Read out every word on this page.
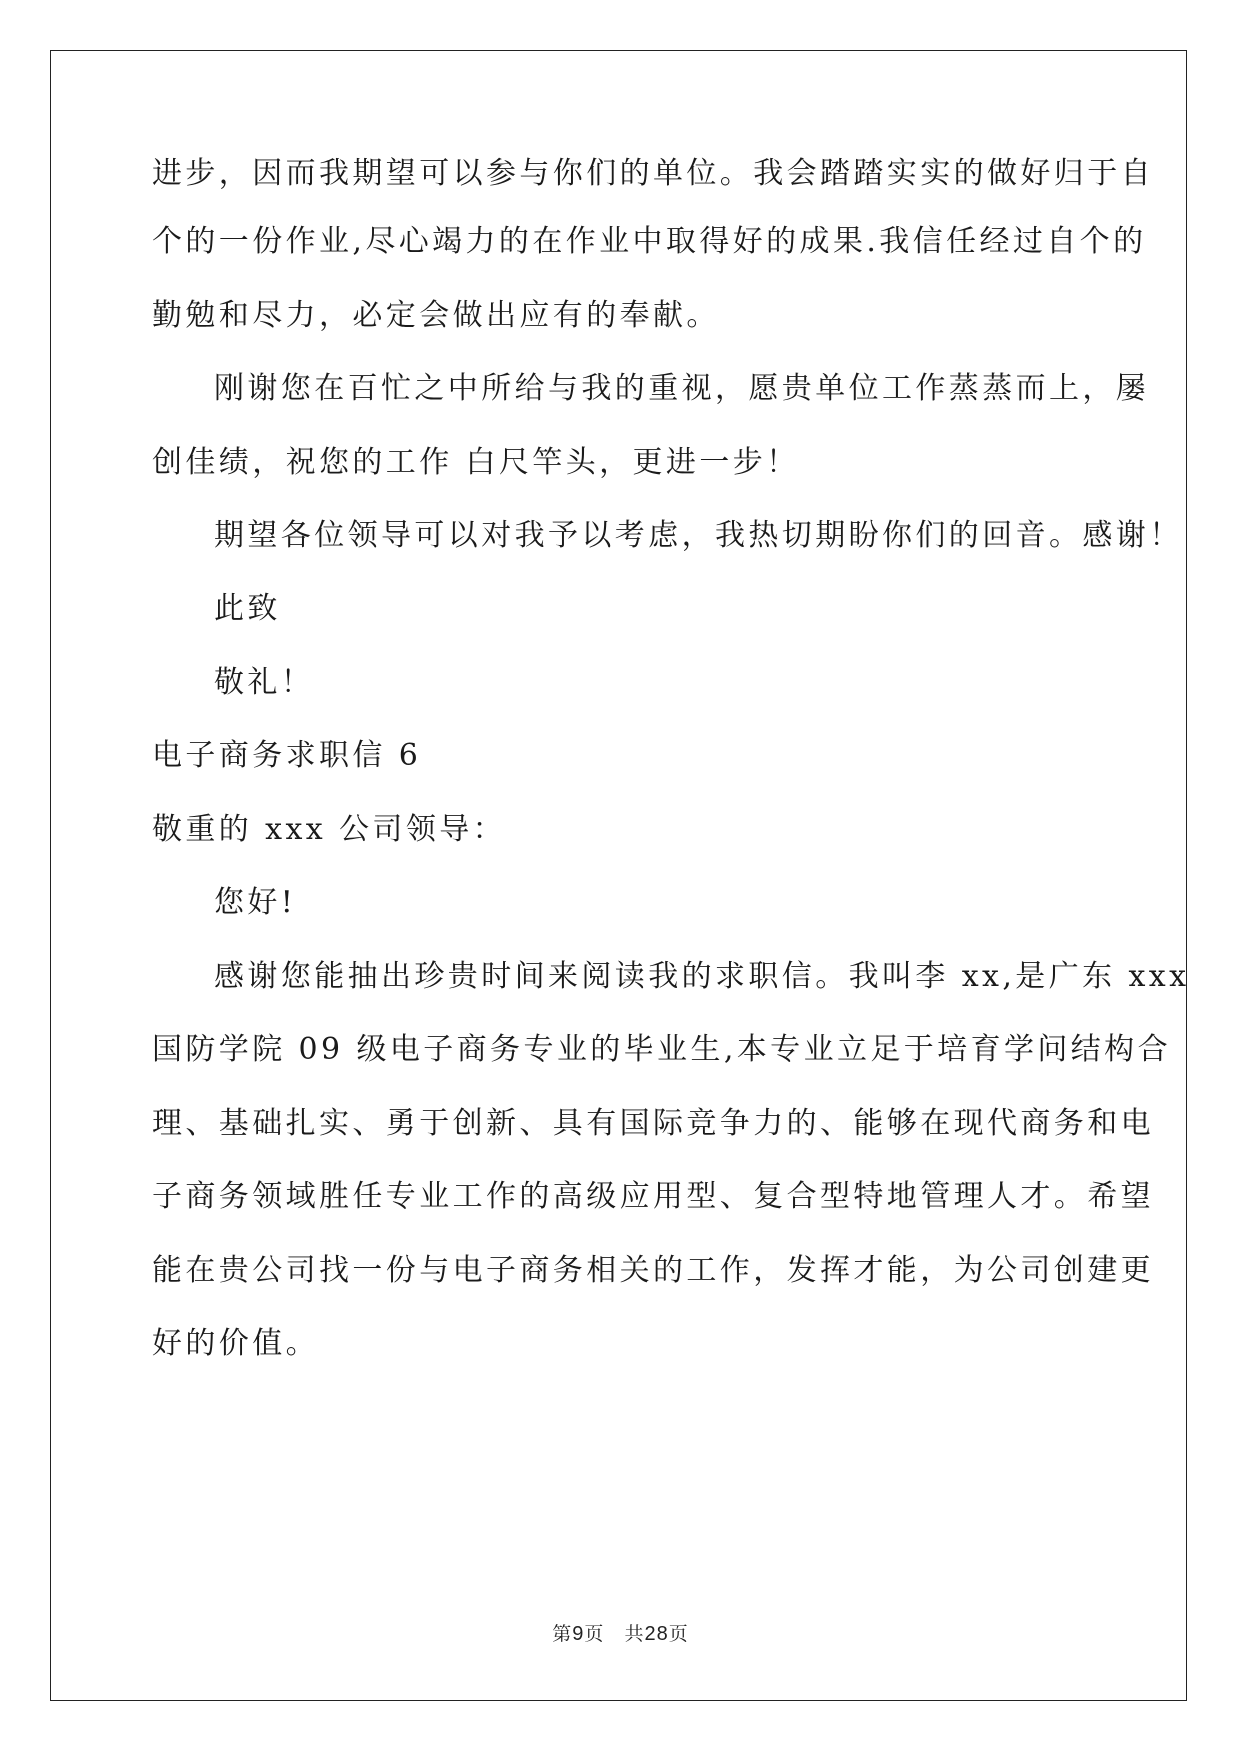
进步，因而我期望可以参与你们的单位。我会踏踏实实的做好归于自
个的一份作业,尽心竭力的在作业中取得好的成果.我信任经过自个的
勤勉和尽力，必定会做出应有的奉献。
刚谢您在百忙之中所给与我的重视，愿贵单位工作蒸蒸而上，屡
创佳绩，祝您的工作 白尺竿头，更进一步！
期望各位领导可以对我予以考虑，我热切期盼你们的回音。感谢！
此致
敬礼！
电子商务求职信 6
敬重的 xxx 公司领导：
您好!
感谢您能抽出珍贵时间来阅读我的求职信。我叫李 xx,是广东 xxx
国防学院 09 级电子商务专业的毕业生,本专业立足于培育学问结构合
理、基础扎实、勇于创新、具有国际竞争力的、能够在现代商务和电
子商务领域胜任专业工作的高级应用型、复合型特地管理人才。希望
能在贵公司找一份与电子商务相关的工作，发挥才能，为公司创建更
好的价值。
第9页 共28页
